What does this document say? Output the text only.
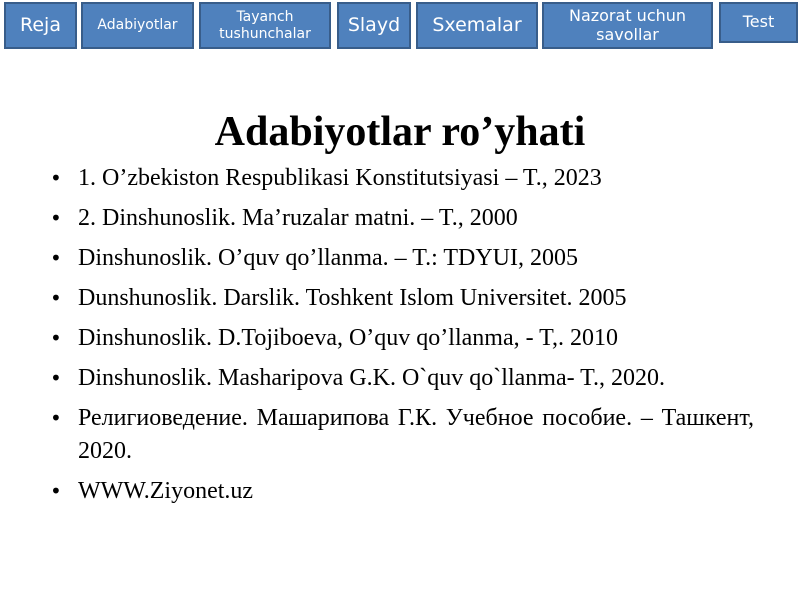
Reja	Adabiyotlar
Tayanch tushunchalar	Slayd	Sxemalar	Nazorat uchun savollar
Test
Adabiyotlar ro’yhati
• 1. O’zbekiston Respublikasi Konstitutsiyasi – T., 2023
• 2. Dinshunoslik. Ma’ruzalar matni. – T., 2000
• Dinshunoslik. O’quv qo’llanma. – T.: TDYUI, 2005
• Dunshunoslik. Darslik. Toshkent Islom Universitet. 2005
• Dinshunoslik. D.Tojiboeva, O’quv qo’llanma, - T,. 2010
• Dinshunoslik. Masharipova G.K. O`quv qo`llanma- T., 2020.
• Религиоведение. Машарипова Г.К. Учебное пособие. – Ташкент, 2020.
• WWW.Ziyonet.uz
